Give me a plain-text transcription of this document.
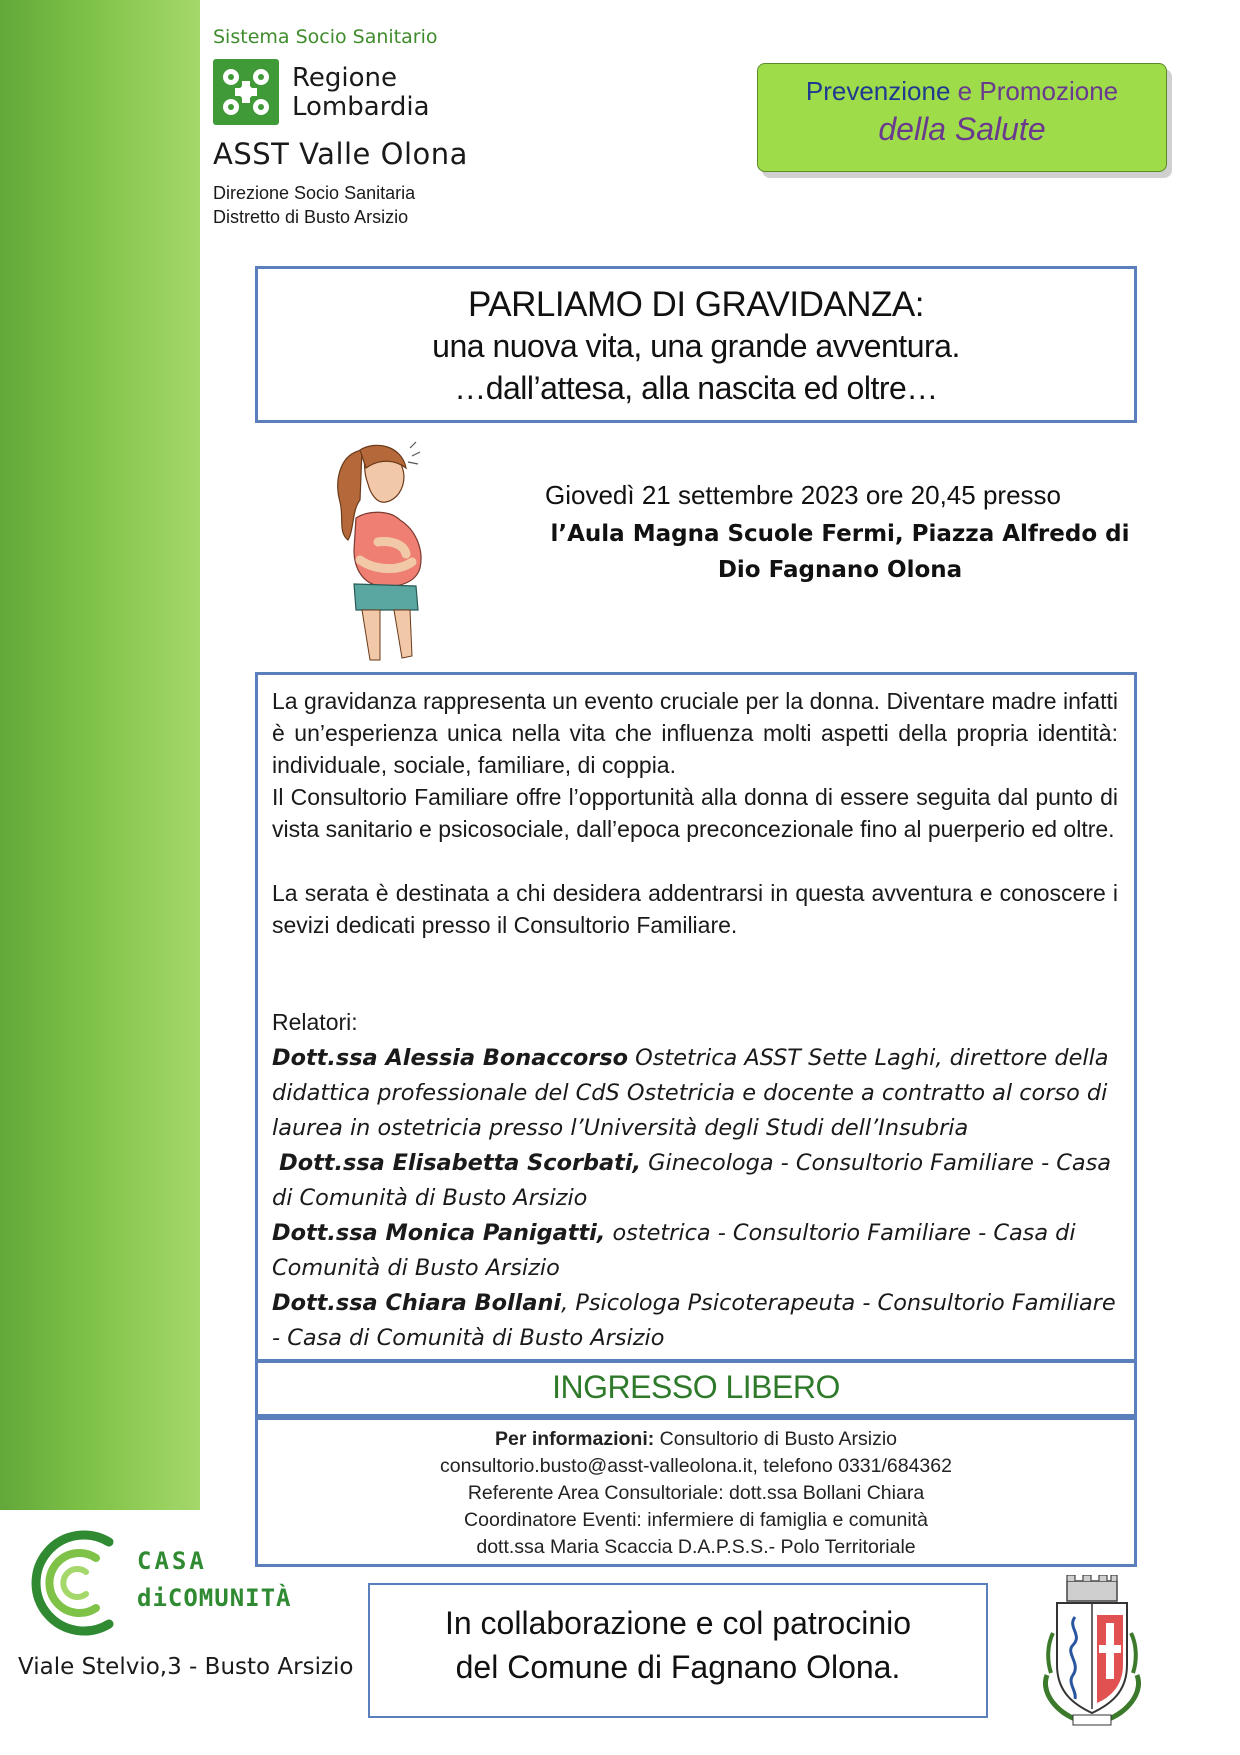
Sistema Socio Sanitario
Regione
Lombardia
ASST Valle Olona
Direzione Socio Sanitaria
Distretto di Busto Arsizio
Prevenzione e Promozione
della Salute
PARLIAMO DI GRAVIDANZA:
una nuova vita, una grande avventura.
…dall’attesa, alla nascita ed oltre…
Giovedì 21 settembre 2023 ore 20,45 presso
l’Aula Magna Scuole Fermi, Piazza Alfredo di
Dio Fagnano Olona

La gravidanza rappresenta un evento cruciale per la donna. Diventare madre infatti è un’esperienza unica nella vita che influenza molti aspetti della propria identità: individuale, sociale, familiare, di coppia.

Il Consultorio Familiare offre l’opportunità alla donna di essere seguita dal punto di vista sanitario e psicosociale, dall’epoca preconcezionale fino al puerperio ed oltre.

La serata è destinata a chi desidera addentrarsi in questa avventura e conoscere i sevizi dedicati presso il Consultorio Familiare.

Relatori:
Dott.ssa Alessia Bonaccorso Ostetrica ASST Sette Laghi, direttore della didattica professionale del CdS Ostetricia e docente a contratto al corso di laurea in ostetricia presso l’Università degli Studi dell’Insubria
Dott.ssa Elisabetta Scorbati, Ginecologa - Consultorio Familiare - Casa di Comunità di Busto Arsizio
Dott.ssa Monica Panigatti, ostetrica - Consultorio Familiare - Casa di Comunità di Busto Arsizio
Dott.ssa Chiara Bollani, Psicologa Psicoterapeuta - Consultorio Familiare - Casa di Comunità di Busto Arsizio
INGRESSO LIBERO
Per informazioni: Consultorio di Busto Arsizio
consultorio.busto@asst-valleolona.it, telefono 0331/684362
Referente Area Consultoriale: dott.ssa Bollani Chiara
Coordinatore Eventi: infermiere di famiglia e comunità
dott.ssa Maria Scaccia D.A.P.S.S.- Polo Territoriale
CASA
diCOMUNITÀ
Viale Stelvio,3 - Busto Arsizio
In collaborazione e col patrocinio
del Comune di Fagnano Olona.
